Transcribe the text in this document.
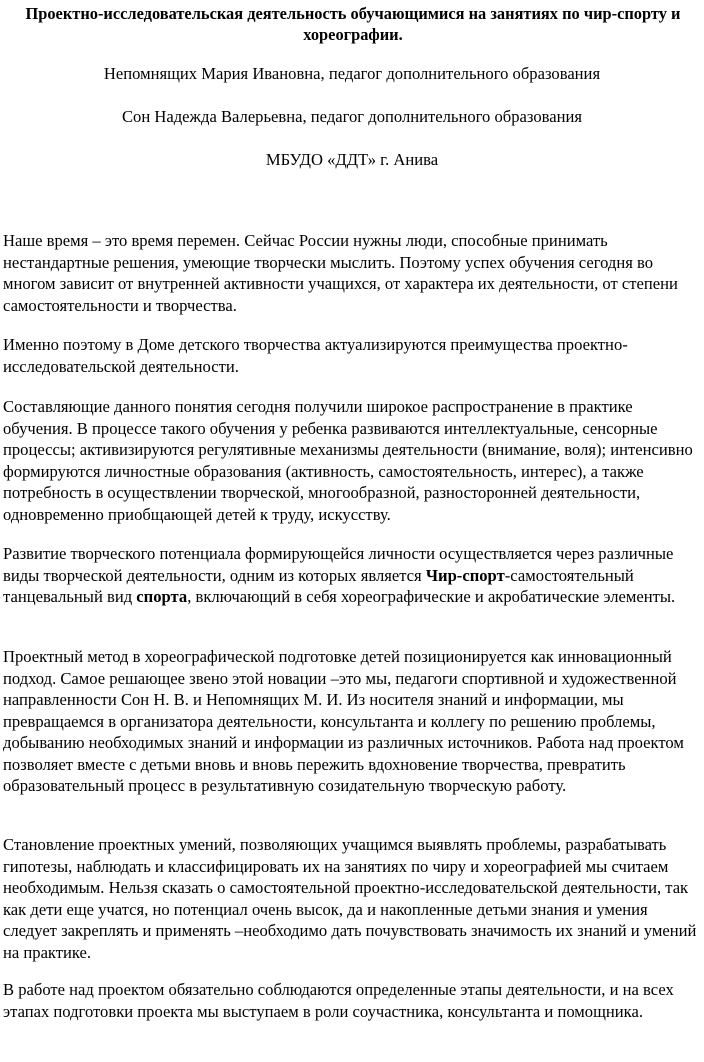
Проектно-исследовательская деятельность обучающимися на занятиях по чир-спорту и хореографии.

Непомнящих Мария Ивановна, педагог дополнительного образования

Сон Надежда Валерьевна, педагог дополнительного образования

МБУДО «ДДТ» г. Анива

Наше время – это время перемен. Сейчас России нужны люди, способные принимать нестандартные решения, умеющие творчески мыслить. Поэтому успех обучения сегодня во многом зависит от внутренней активности учащихся, от характера их деятельности, от степени самостоятельности и творчества.

Именно поэтому в Доме детского творчества актуализируются преимущества проектно-исследовательской деятельности.

Составляющие данного понятия сегодня получили широкое распространение в практике обучения. В процессе такого обучения у ребенка развиваются интеллектуальные, сенсорные процессы; активизируются регулятивные механизмы деятельности (внимание, воля); интенсивно формируются личностные образования (активность, самостоятельность, интерес), а также потребность в осуществлении творческой, многообразной, разносторонней деятельности, одновременно приобщающей детей к труду, искусству.

Развитие творческого потенциала формирующейся личности осуществляется через различные виды творческой деятельности, одним из которых является Чир-спорт-самостоятельный танцевальный вид спорта, включающий в себя хореографические и акробатические элементы.

Проектный метод в хореографической подготовке детей позиционируется как инновационный подход. Самое решающее звено этой новации –это мы, педагоги спортивной и художественной направленности Сон Н. В. и Непомнящих М. И. Из носителя знаний и информации, мы превращаемся в организатора деятельности, консультанта и коллегу по решению проблемы, добыванию необходимых знаний и информации из различных источников. Работа над проектом позволяет вместе с детьми вновь и вновь пережить вдохновение творчества, превратить образовательный процесс в результативную созидательную творческую работу.

Становление проектных умений, позволяющих учащимся выявлять проблемы, разрабатывать гипотезы, наблюдать и классифицировать их на занятиях по чиру и хореографией мы считаем необходимым. Нельзя сказать о самостоятельной проектно-исследовательской деятельности, так как дети еще учатся, но потенциал очень высок, да и накопленные детьми знания и умения следует закреплять и применять –необходимо дать почувствовать значимость их знаний и умений на практике.

В работе над проектом обязательно соблюдаются определенные этапы деятельности, и на всех этапах подготовки проекта мы выступаем в роли соучастника, консультанта и помощника.
